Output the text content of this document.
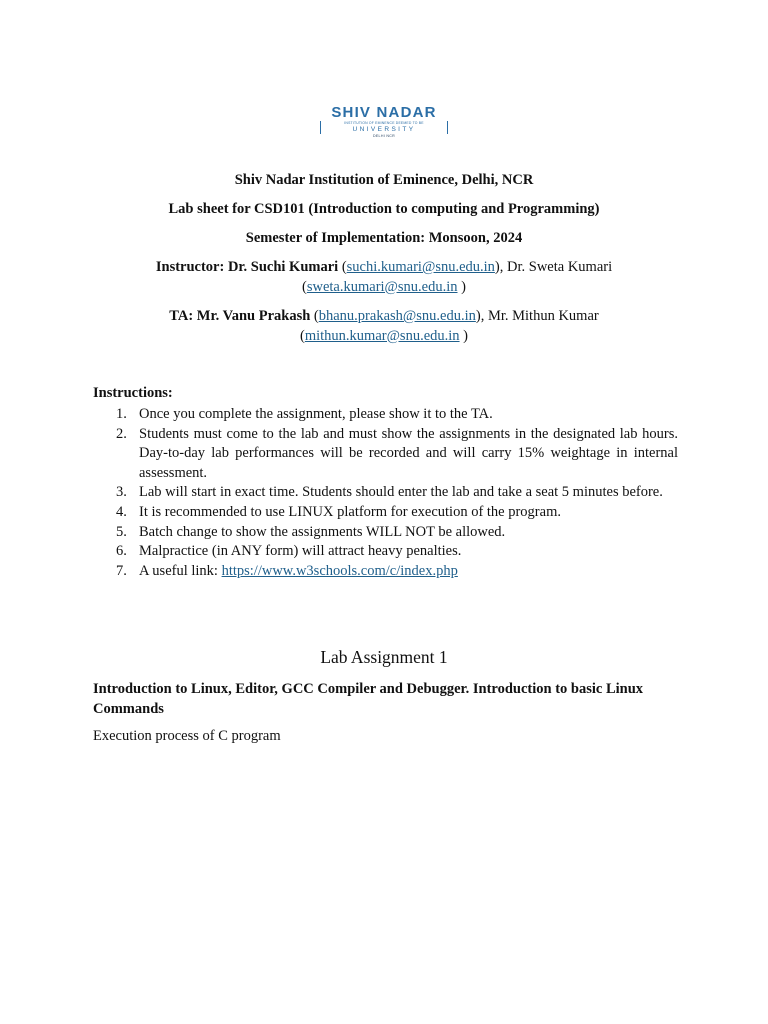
SHIV NADAR
INSTITUTION OF EMINENCE DEEMED TO BE
UNIVERSITY
DELHI NCR
Shiv Nadar Institution of Eminence, Delhi, NCR
Lab sheet for CSD101 (Introduction to computing and Programming)
Semester of Implementation: Monsoon, 2024
Instructor: Dr. Suchi Kumari (suchi.kumari@snu.edu.in), Dr. Sweta Kumari
(sweta.kumari@snu.edu.in )
TA: Mr. Vanu Prakash (bhanu.prakash@snu.edu.in), Mr. Mithun Kumar
(mithun.kumar@snu.edu.in )
Instructions:
1. Once you complete the assignment, please show it to the TA.
2. Students must come to the lab and must show the assignments in the designated lab hours. Day-to-day lab performances will be recorded and will carry 15% weightage in internal assessment.
3. Lab will start in exact time. Students should enter the lab and take a seat 5 minutes before.
4. It is recommended to use LINUX platform for execution of the program.
5. Batch change to show the assignments WILL NOT be allowed.
6. Malpractice (in ANY form) will attract heavy penalties.
7. A useful link: https://www.w3schools.com/c/index.php
Lab Assignment 1
Introduction to Linux, Editor, GCC Compiler and Debugger. Introduction to basic Linux Commands
Execution process of C program
